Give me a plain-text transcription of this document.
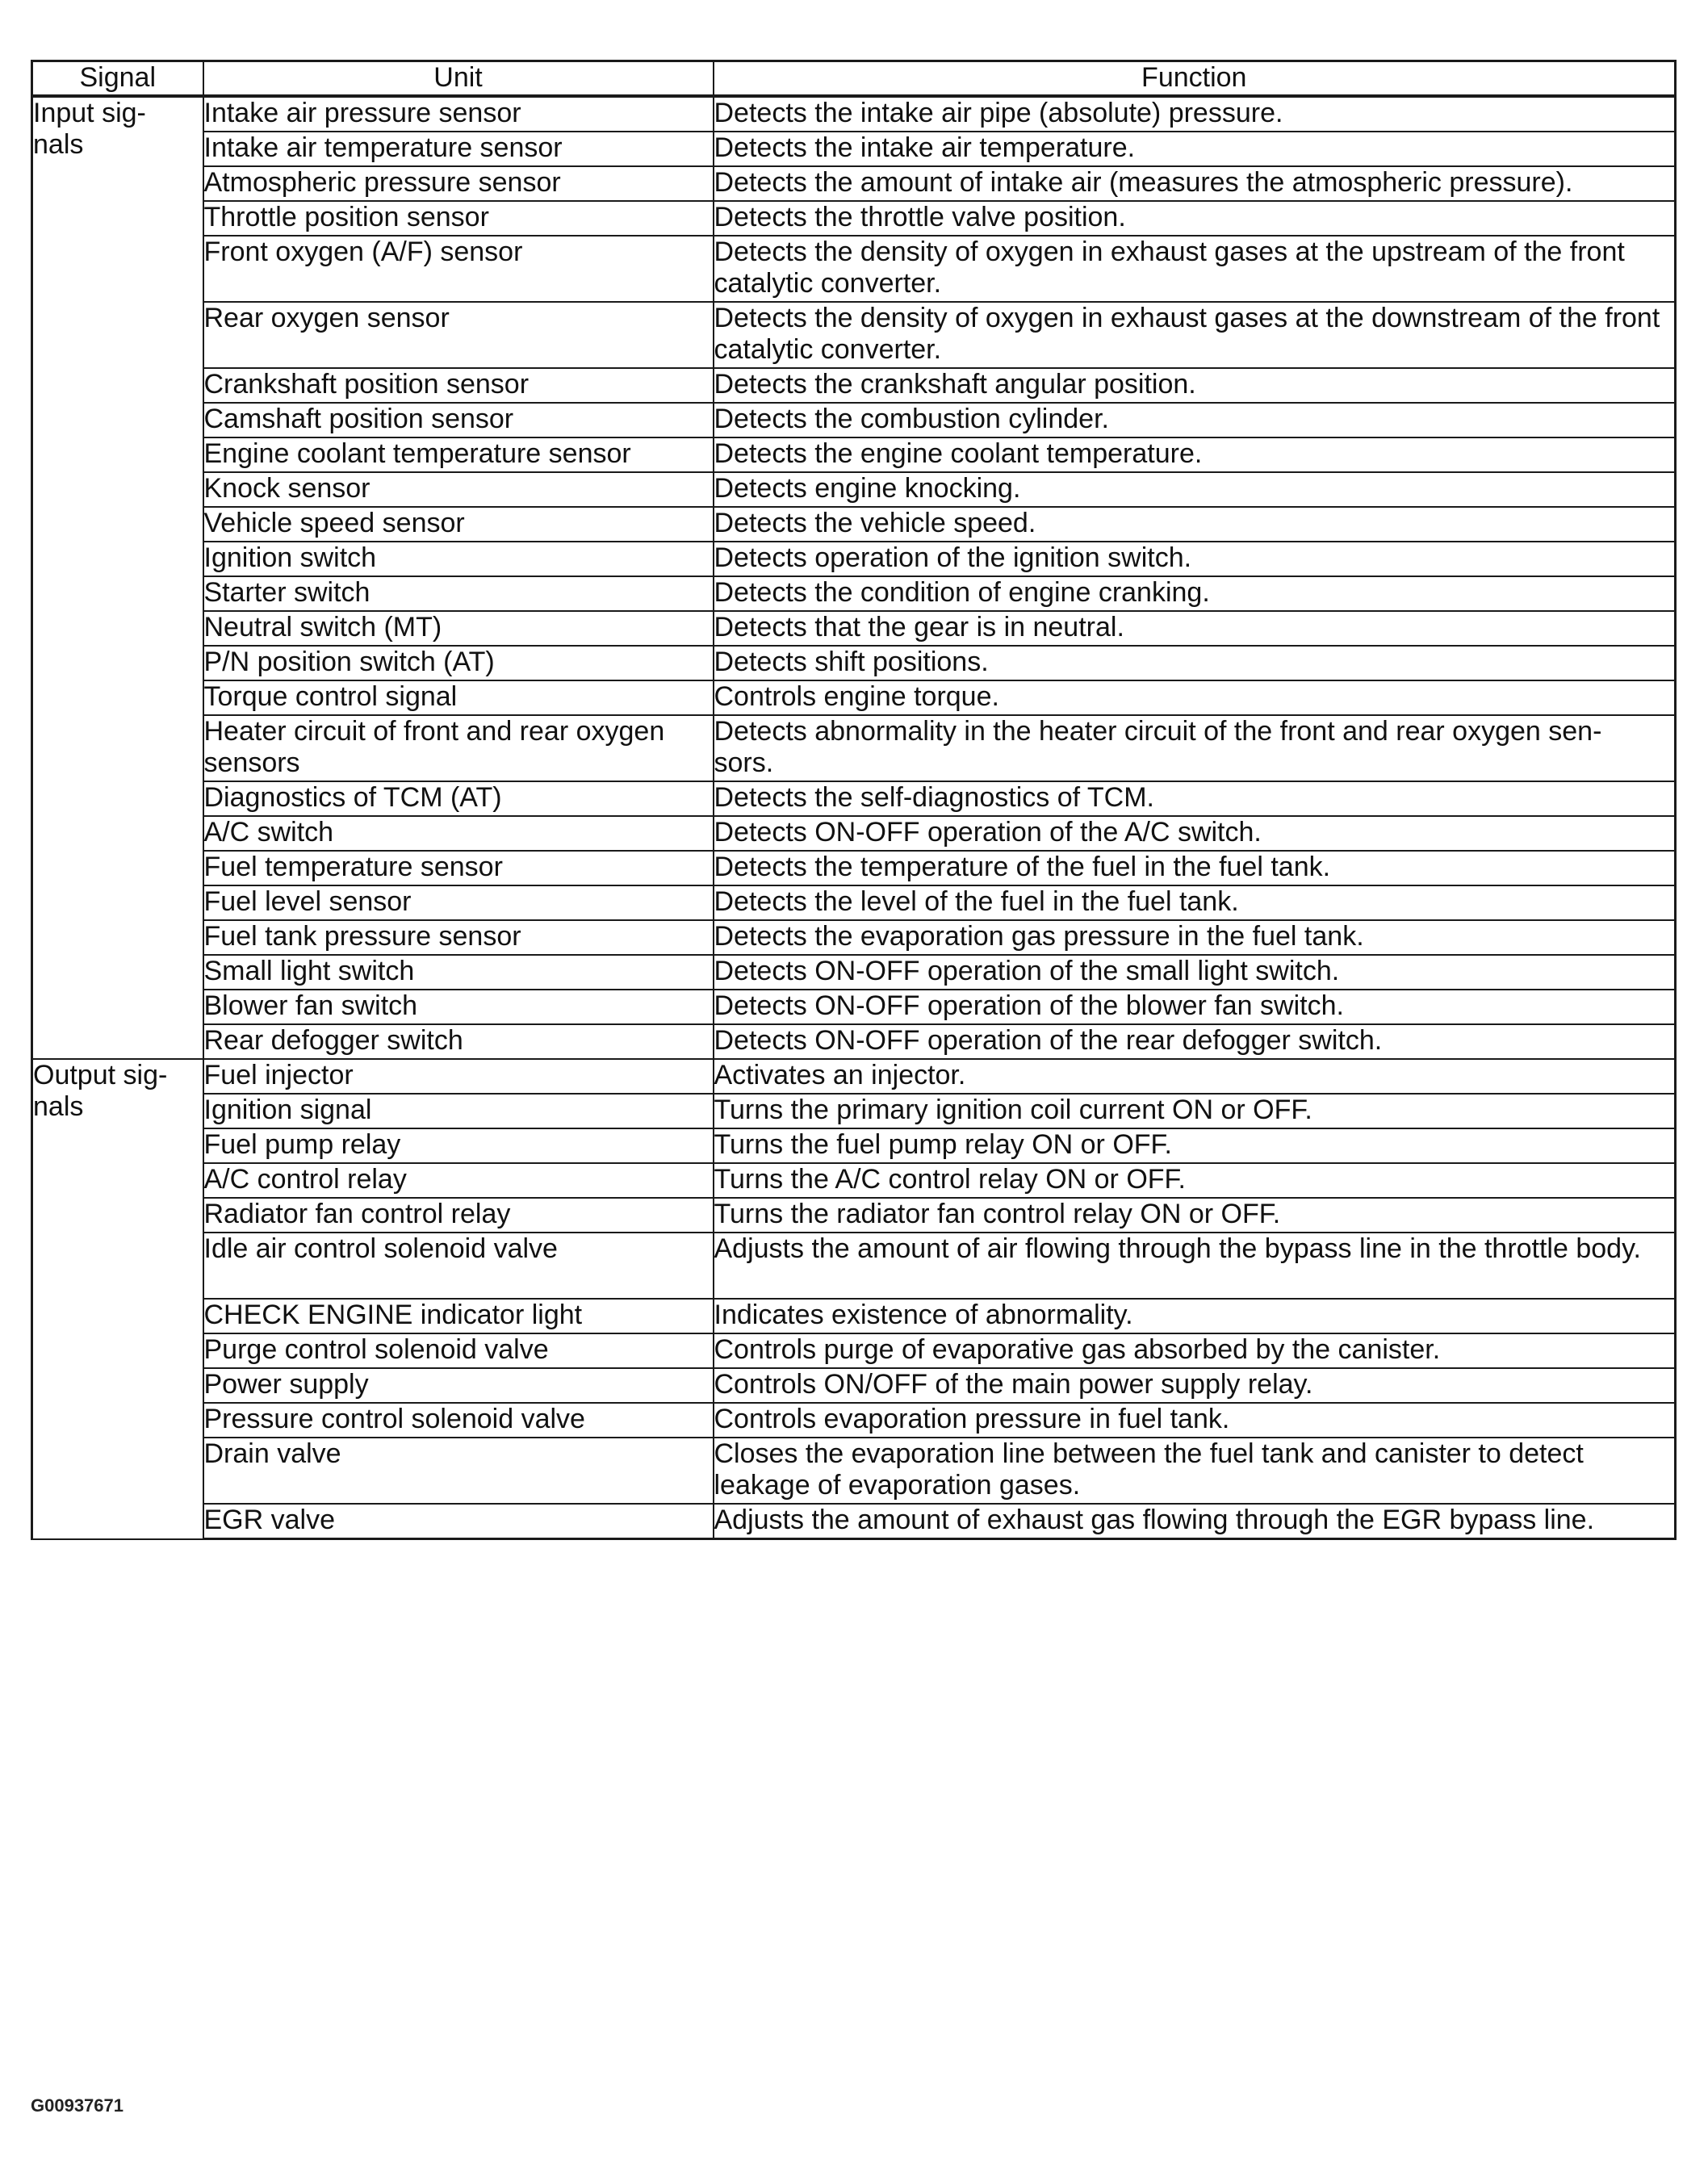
Signal	Unit	Function
Input sig-
nals	Intake air pressure sensor	Detects the intake air pipe (absolute) pressure.
	Intake air temperature sensor	Detects the intake air temperature.
	Atmospheric pressure sensor	Detects the amount of intake air (measures the atmospheric pressure).
	Throttle position sensor	Detects the throttle valve position.
	Front oxygen (A/F) sensor	Detects the density of oxygen in exhaust gases at the upstream of the front catalytic converter.
	Rear oxygen sensor	Detects the density of oxygen in exhaust gases at the downstream of the front catalytic converter.
	Crankshaft position sensor	Detects the crankshaft angular position.
	Camshaft position sensor	Detects the combustion cylinder.
	Engine coolant temperature sensor	Detects the engine coolant temperature.
	Knock sensor	Detects engine knocking.
	Vehicle speed sensor	Detects the vehicle speed.
	Ignition switch	Detects operation of the ignition switch.
	Starter switch	Detects the condition of engine cranking.
	Neutral switch (MT)	Detects that the gear is in neutral.
	P/N position switch (AT)	Detects shift positions.
	Torque control signal	Controls engine torque.
	Heater circuit of front and rear oxygen sensors	Detects abnormality in the heater circuit of the front and rear oxygen sen-
sors.
	Diagnostics of TCM (AT)	Detects the self-diagnostics of TCM.
	A/C switch	Detects ON-OFF operation of the A/C switch.
	Fuel temperature sensor	Detects the temperature of the fuel in the fuel tank.
	Fuel level sensor	Detects the level of the fuel in the fuel tank.
	Fuel tank pressure sensor	Detects the evaporation gas pressure in the fuel tank.
	Small light switch	Detects ON-OFF operation of the small light switch.
	Blower fan switch	Detects ON-OFF operation of the blower fan switch.
	Rear defogger switch	Detects ON-OFF operation of the rear defogger switch.
Output sig-
nals	Fuel injector	Activates an injector.
	Ignition signal	Turns the primary ignition coil current ON or OFF.
	Fuel pump relay	Turns the fuel pump relay ON or OFF.
	A/C control relay	Turns the A/C control relay ON or OFF.
	Radiator fan control relay	Turns the radiator fan control relay ON or OFF.
	Idle air control solenoid valve	Adjusts the amount of air flowing through the bypass line in the throttle body.
	CHECK ENGINE indicator light	Indicates existence of abnormality.
	Purge control solenoid valve	Controls purge of evaporative gas absorbed by the canister.
	Power supply	Controls ON/OFF of the main power supply relay.
	Pressure control solenoid valve	Controls evaporation pressure in fuel tank.
	Drain valve	Closes the evaporation line between the fuel tank and canister to detect leakage of evaporation gases.
	EGR valve	Adjusts the amount of exhaust gas flowing through the EGR bypass line.
G00937671
